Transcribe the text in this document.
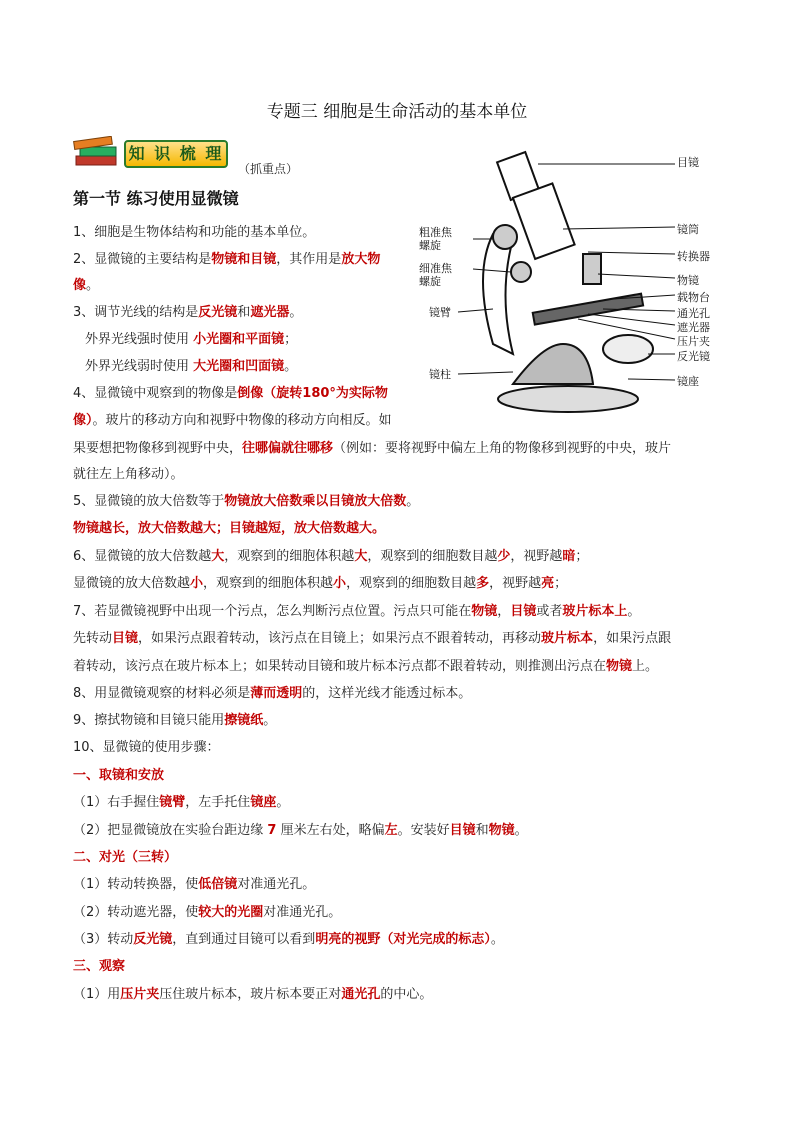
专题三 细胞是生命活动的基本单位
知 识 梳 理
（抓重点）	目镜
镜筒
转换器
物镜
载物台
通光孔
遮光器
压片夹
反光镜
镜座
粗准焦
螺旋
细准焦
螺旋
镜臂
镜柱
第一节 练习使用显微镜
1、细胞是生物体结构和功能的基本单位。
2、显微镜的主要结构是物镜和目镜，其作用是放大物
像。
3、调节光线的结构是反光镜和遮光器。
外界光线强时使用 小光圈和平面镜；
外界光线弱时使用 大光圈和凹面镜。
4、显微镜中观察到的物像是倒像（旋转180°为实际物
像）。玻片的移动方向和视野中物像的移动方向相反。如
果要想把物像移到视野中央，往哪偏就往哪移（例如：要将视野中偏左上角的物像移到视野的中央，玻片
就往左上角移动）。
5、显微镜的放大倍数等于物镜放大倍数乘以目镜放大倍数。
物镜越长，放大倍数越大；目镜越短，放大倍数越大。
6、显微镜的放大倍数越大，观察到的细胞体积越大，观察到的细胞数目越少，视野越暗；
显微镜的放大倍数越小，观察到的细胞体积越小，观察到的细胞数目越多，视野越亮；
7、若显微镜视野中出现一个污点，怎么判断污点位置。污点只可能在物镜，目镜或者玻片标本上。
先转动目镜，如果污点跟着转动，该污点在目镜上；如果污点不跟着转动，再移动玻片标本，如果污点跟
着转动，该污点在玻片标本上；如果转动目镜和玻片标本污点都不跟着转动，则推测出污点在物镜上。
8、用显微镜观察的材料必须是薄而透明的，这样光线才能透过标本。
9、擦拭物镜和目镜只能用擦镜纸。
10、显微镜的使用步骤：
一、取镜和安放
（1）右手握住镜臂，左手托住镜座。
（2）把显微镜放在实验台距边缘 7 厘米左右处，略偏左。安装好目镜和物镜。
二、对光（三转）
（1）转动转换器，使低倍镜对准通光孔。
（2）转动遮光器，使较大的光圈对准通光孔。
（3）转动反光镜，直到通过目镜可以看到明亮的视野（对光完成的标志）。
三、观察
（1）用压片夹压住玻片标本，玻片标本要正对通光孔的中心。
